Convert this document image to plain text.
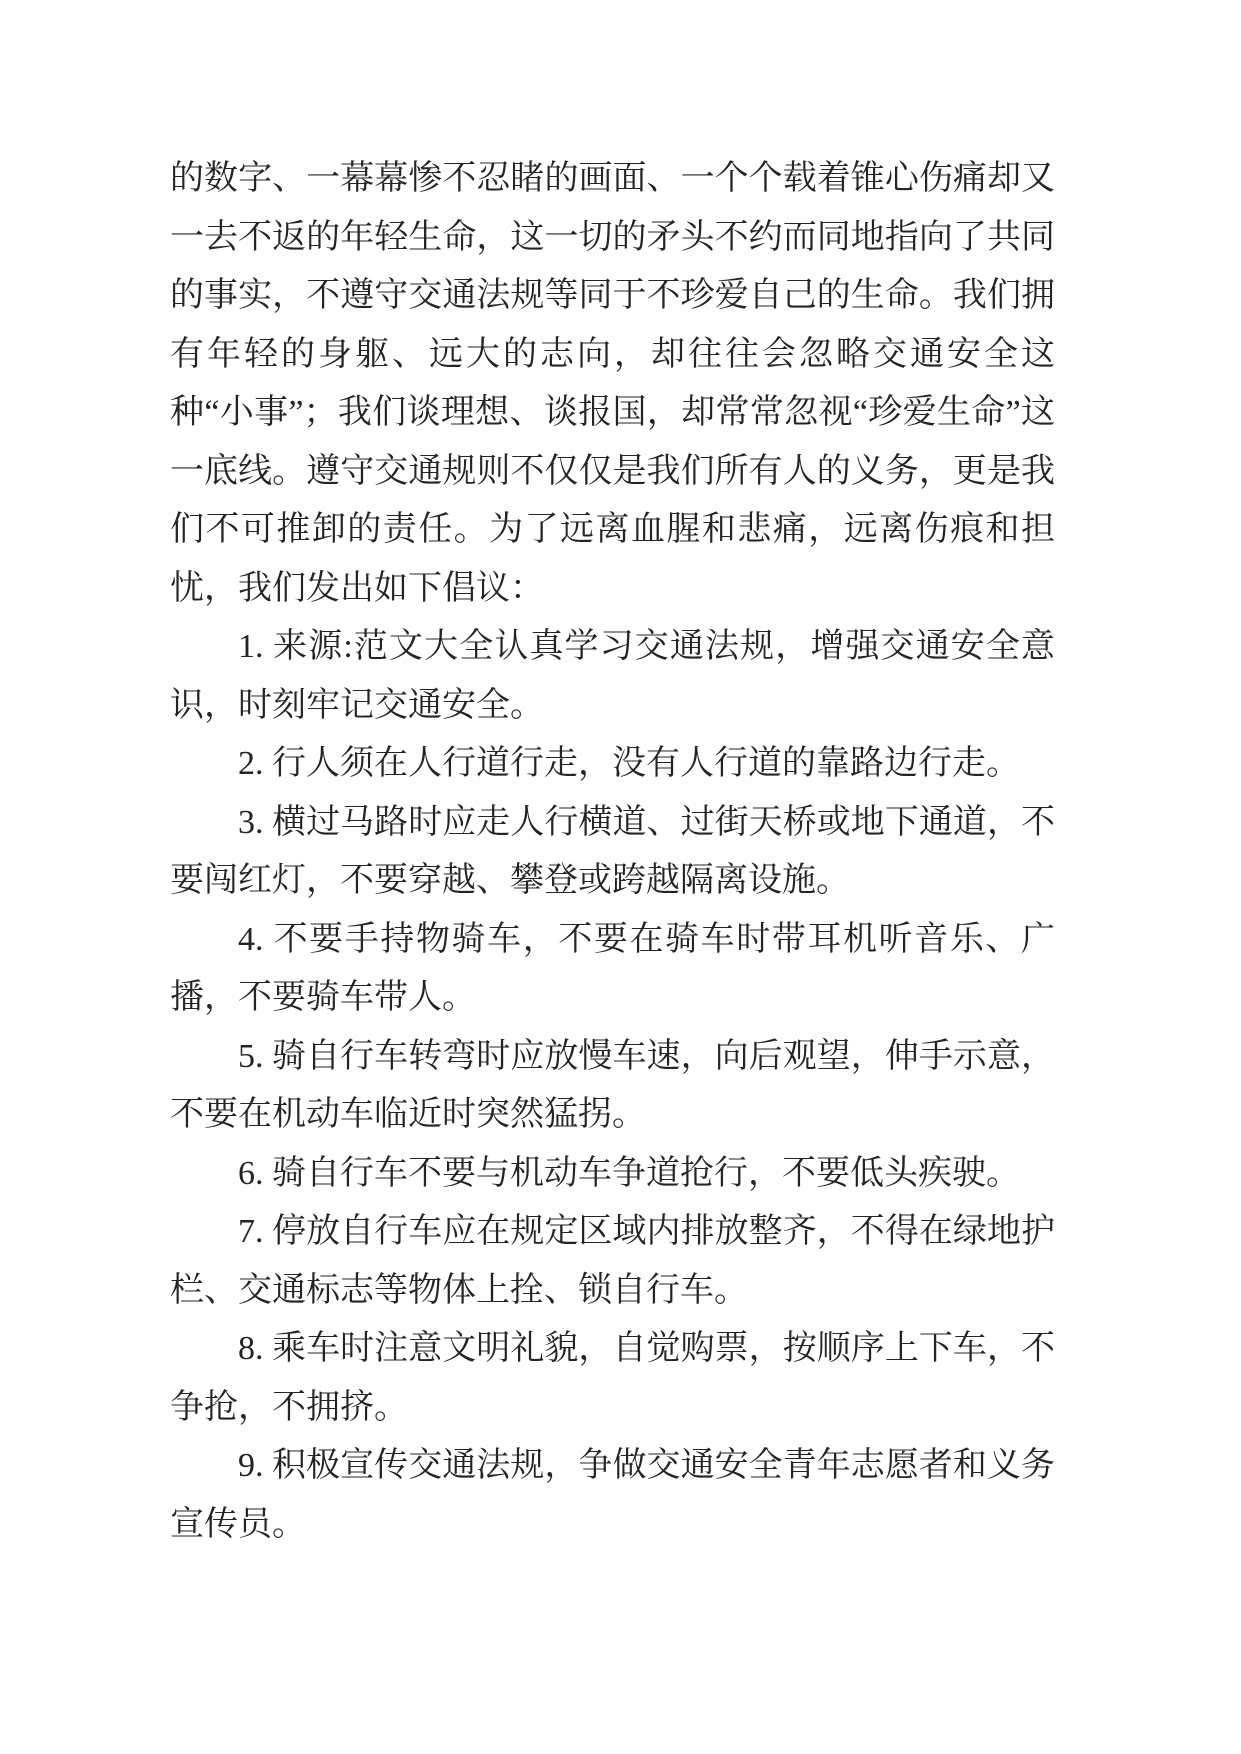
的数字、一幕幕惨不忍睹的画面、一个个载着锥心伤痛却又一去不返的年轻生命，这一切的矛头不约而同地指向了共同的事实，不遵守交通法规等同于不珍爱自己的生命。我们拥有年轻的身躯、远大的志向，却往往会忽略交通安全这种“小事”；我们谈理想、谈报国，却常常忽视“珍爱生命”这一底线。遵守交通规则不仅仅是我们所有人的义务，更是我们不可推卸的责任。为了远离血腥和悲痛，远离伤痕和担忧，我们发出如下倡议：

1. 来源:范文大全认真学习交通法规，增强交通安全意识，时刻牢记交通安全。

2. 行人须在人行道行走，没有人行道的靠路边行走。

3. 横过马路时应走人行横道、过街天桥或地下通道，不要闯红灯，不要穿越、攀登或跨越隔离设施。

4. 不要手持物骑车，不要在骑车时带耳机听音乐、广播，不要骑车带人。

5. 骑自行车转弯时应放慢车速，向后观望，伸手示意，不要在机动车临近时突然猛拐。

6. 骑自行车不要与机动车争道抢行，不要低头疾驶。

7. 停放自行车应在规定区域内排放整齐，不得在绿地护栏、交通标志等物体上拴、锁自行车。

8. 乘车时注意文明礼貌，自觉购票，按顺序上下车，不争抢，不拥挤。

9. 积极宣传交通法规，争做交通安全青年志愿者和义务宣传员。
